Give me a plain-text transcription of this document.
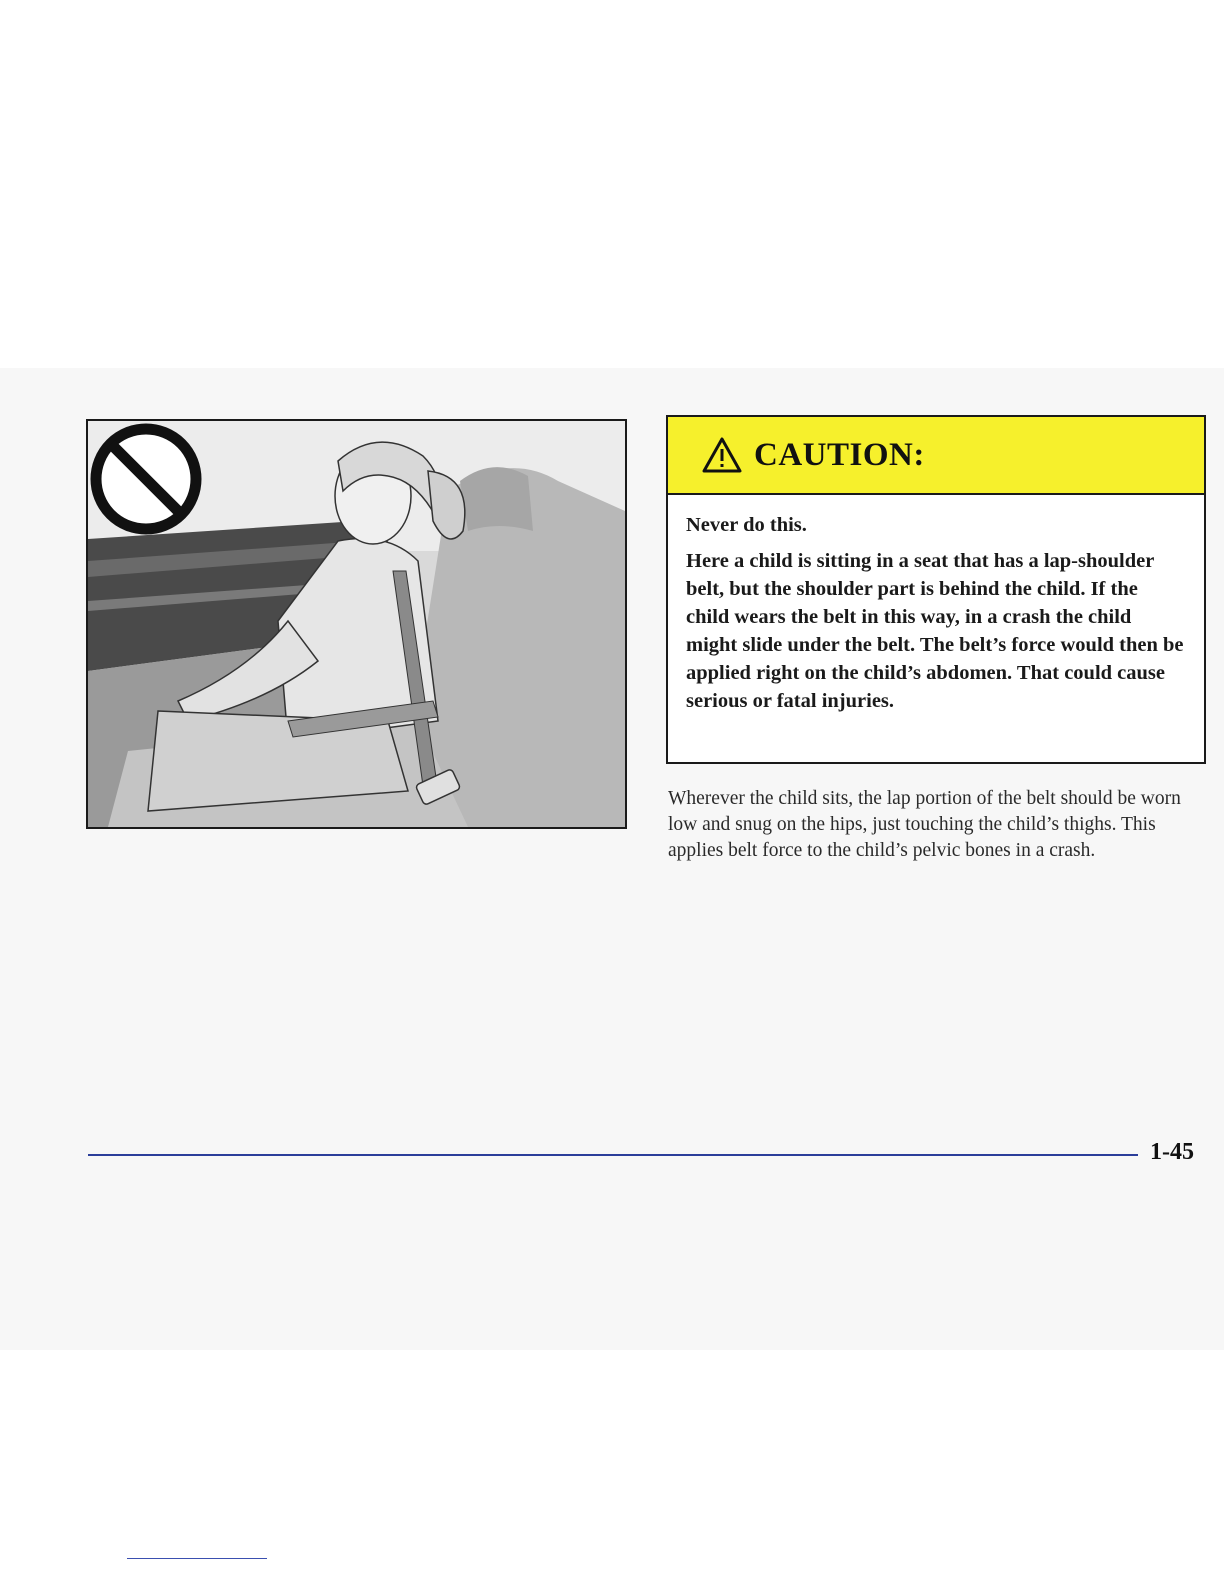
CAUTION:

Never do this.

Here a child is sitting in a seat that has a lap-shoulder belt, but the shoulder part is behind the child. If the child wears the belt in this way, in a crash the child might slide under the belt. The belt’s force would then be applied right on the child’s abdomen. That could cause serious or fatal injuries.

Wherever the child sits, the lap portion of the belt should be worn low and snug on the hips, just touching the child’s thighs. This applies belt force to the child’s pelvic bones in a crash.

1-45
